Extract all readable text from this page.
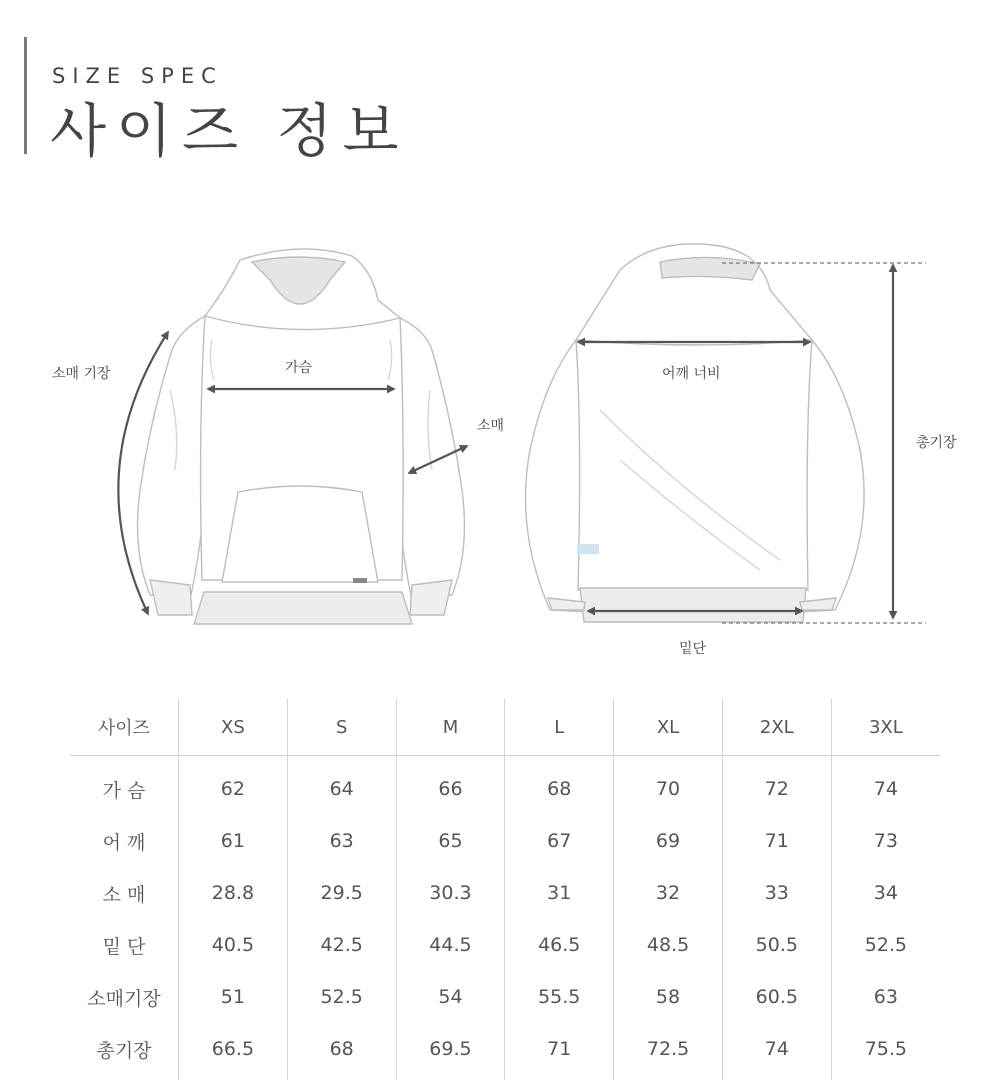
SIZE SPEC
사이즈 정보
소매 기장	가슴
소매
어깨 너비
총기장
밑단
사이즈	XS	S	M	L	XL	2XL	3XL
가 슴	62	64	66	68	70	72	74
어 깨	61	63	65	67	69	71	73
소 매	28.8	29.5	30.3	31	32	33	34
밑 단	40.5	42.5	44.5	46.5	48.5	50.5	52.5
소매기장	51	52.5	54	55.5	58	60.5	63
총기장	66.5	68	69.5	71	72.5	74	75.5
